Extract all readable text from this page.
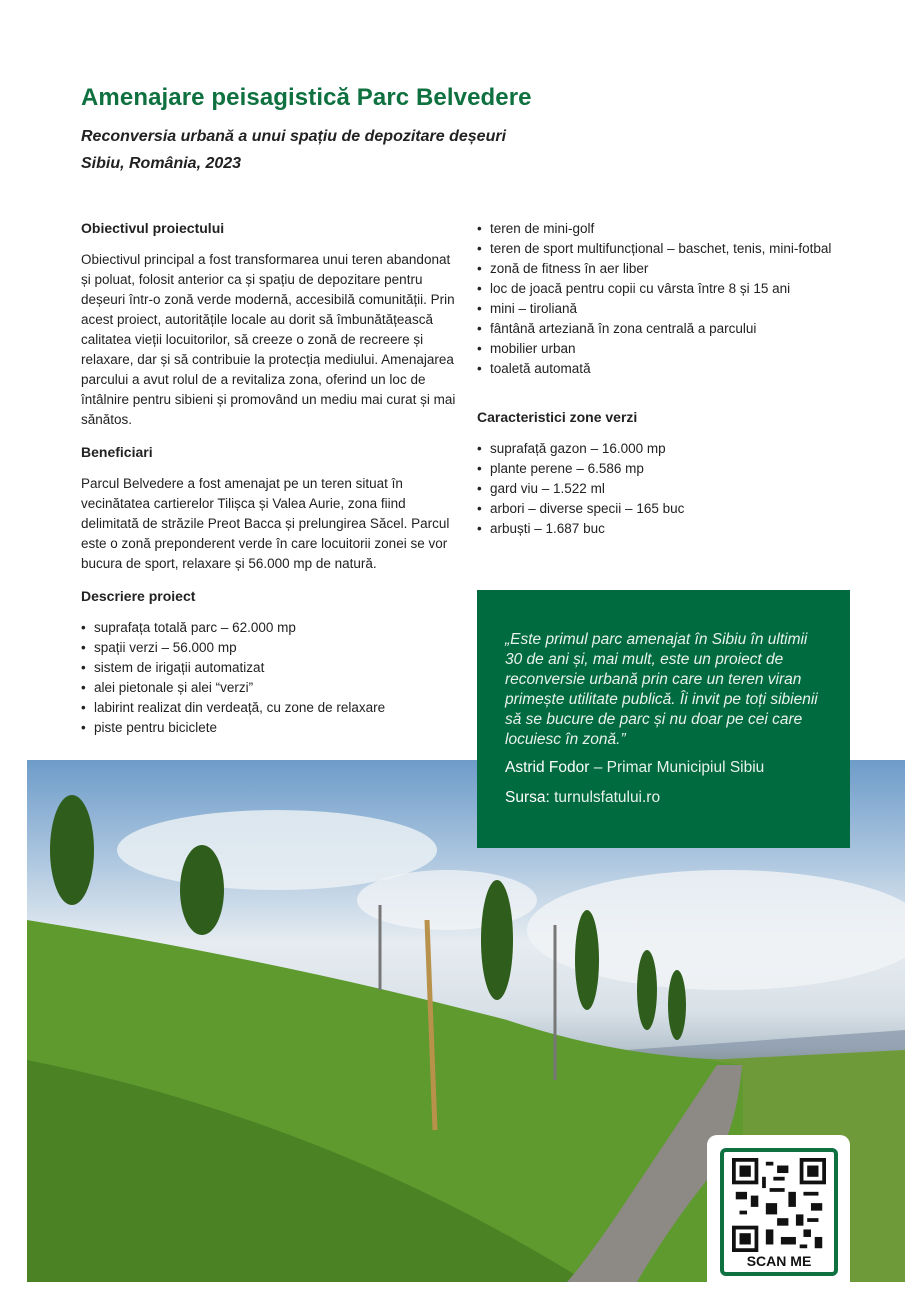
Amenajare peisagistică Parc Belvedere
Reconversia urbană a unui spațiu de depozitare deșeuri
Sibiu, România, 2023
Obiectivul proiectului

Obiectivul principal a fost transformarea unui teren abandonat și poluat, folosit anterior ca și spațiu de depozitare pentru deșeuri într-o zonă verde modernă, accesibilă comunității. Prin acest proiect, autoritățile locale au dorit să îmbunătățească calitatea vieții locuitorilor, să creeze o zonă de recreere și relaxare, dar și să contribuie la protecția mediului. Amenajarea parcului a avut rolul de a revitaliza zona, oferind un loc de întâlnire pentru sibieni și promovând un mediu mai curat și mai sănătos.

Beneficiari

Parcul Belvedere a fost amenajat pe un teren situat în vecinătatea cartierelor Tilișca și Valea Aurie, zona fiind delimitată de străzile Preot Bacca și prelungirea Săcel. Parcul este o zonă preponderent verde în care locuitorii zonei se vor bucura de sport, relaxare și 56.000 mp de natură.

Descriere proiect
• suprafața totală parc – 62.000 mp
• spații verzi – 56.000 mp
• sistem de irigații automatizat
• alei pietonale și alei “verzi”
• labirint realizat din verdeață, cu zone de relaxare
• piste pentru biciclete
• teren de mini-golf
• teren de sport multifuncțional – baschet, tenis, mini-fotbal
• zonă de fitness în aer liber
• loc de joacă pentru copii cu vârsta între 8 și 15 ani
• mini – tiroliană
• fântână arteziană în zona centrală a parcului
• mobilier urban
• toaletă automată
Caracteristici zone verzi
• suprafață gazon – 16.000 mp
• plante perene – 6.586 mp
• gard viu – 1.522 ml
• arbori – diverse specii – 165 buc
• arbuști – 1.687 buc
„Este primul parc amenajat în Sibiu în ultimii 30 de ani și, mai mult, este un proiect de reconversie urbană prin care un teren viran primește utilitate publică. Îi invit pe toți sibienii să se bucure de parc și nu doar pe cei care locuiesc în zonă.”
Astrid Fodor – Primar Municipiul Sibiu
Sursa: turnulsfatului.ro
SCAN ME
